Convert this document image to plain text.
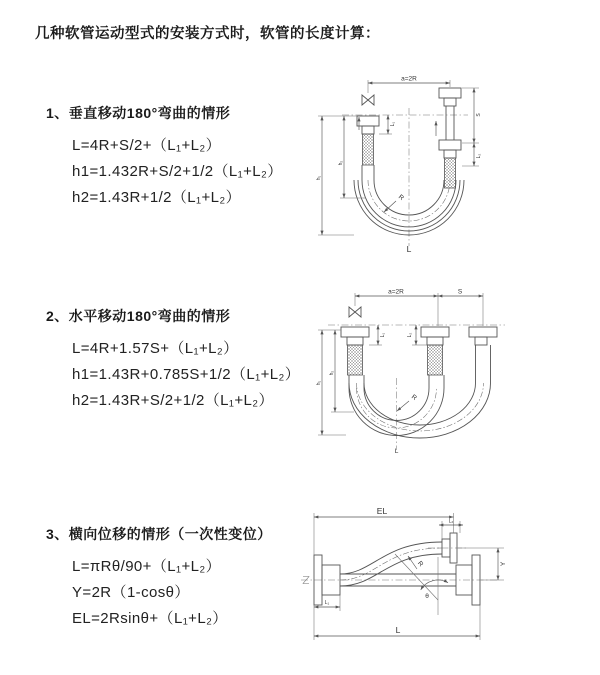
几种软管运动型式的安装方式时，软管的长度计算：
1、垂直移动180°弯曲的情形
L=4R+S/2+（L₁+L₂）
h1=1.432R+S/2+1/2（L₁+L₂）
h2=1.43R+1/2（L₁+L₂）
2、水平移动180°弯曲的情形
L=4R+1.57S+（L₁+L₂）
h1=1.43R+0.785S+1/2（L₁+L₂）
h2=1.43R+S/2+1/2（L₁+L₂）
3、横向位移的情形（一次性变位）
L=πRθ/90+（L₁+L₂）
Y=2R（1-cosθ）
EL=2Rsinθ+（L₁+L₂）
a=2R
h₁
h₂
L₁
S
L₂
R
L
a=2R	S
h₁
h₂
L₁	L₂
R
L
θ
R
EL
L₂
Y
L₁
L
